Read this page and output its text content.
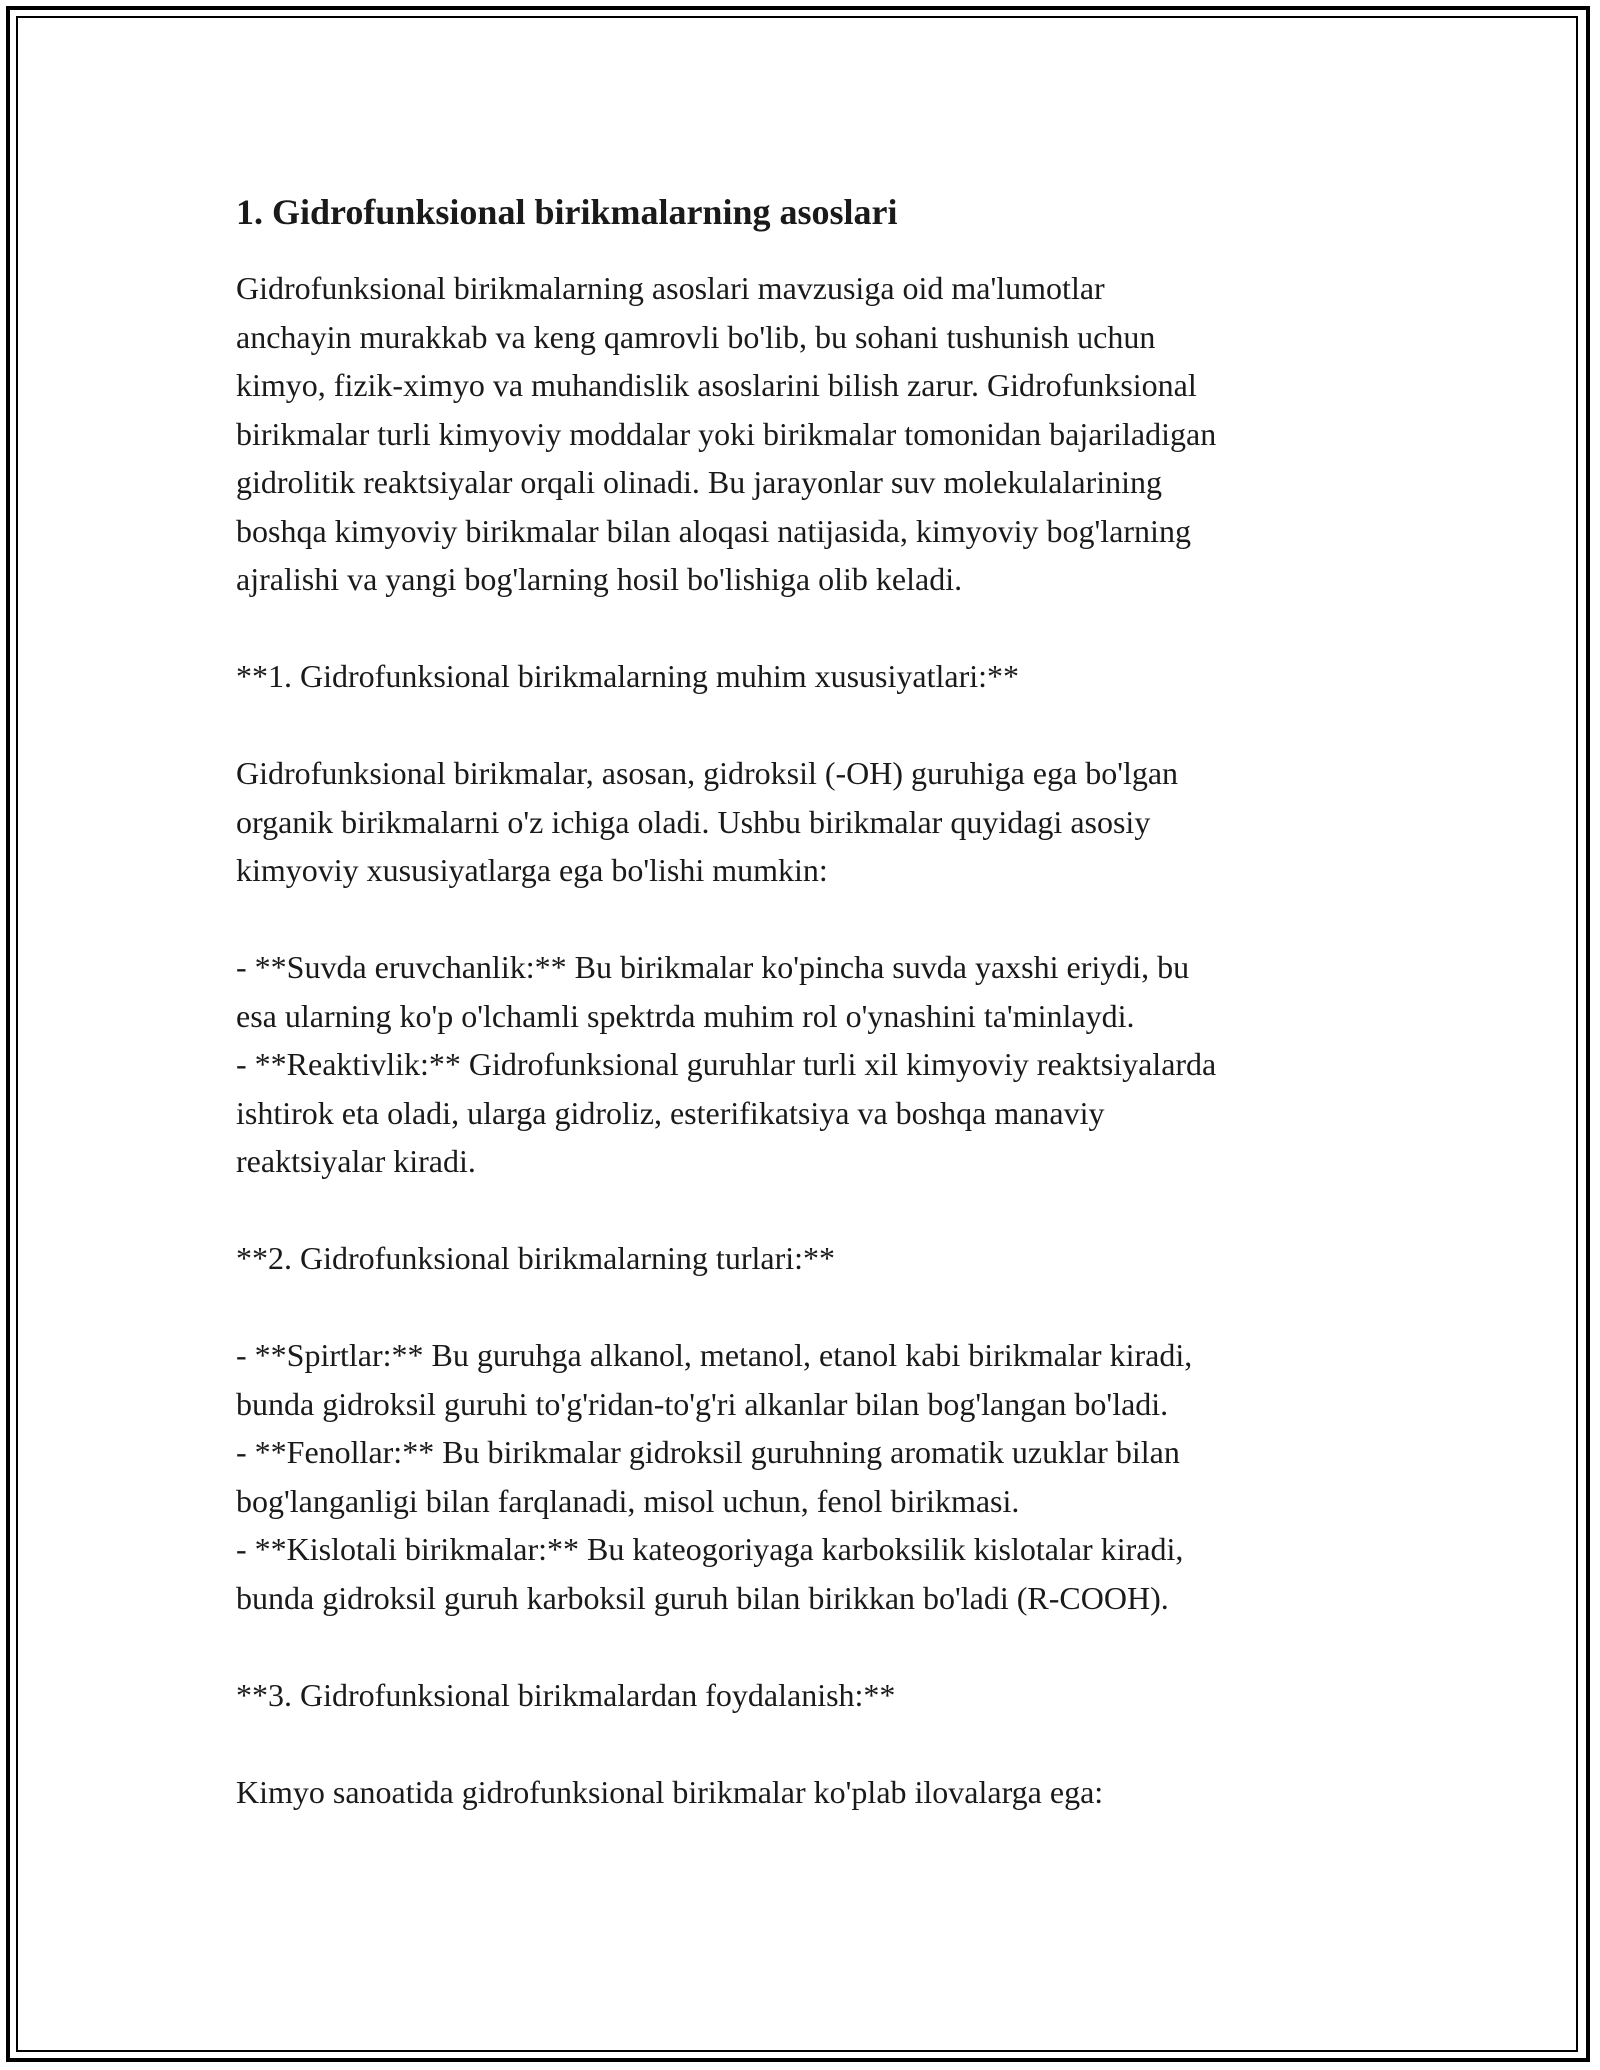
1. Gidrofunksional birikmalarning asoslari

Gidrofunksional birikmalarning asoslari mavzusiga oid ma'lumotlar

anchayin murakkab va keng qamrovli bo'lib, bu sohani tushunish uchun

kimyo, fizik-ximyo va muhandislik asoslarini bilish zarur. Gidrofunksional

birikmalar turli kimyoviy moddalar yoki birikmalar tomonidan bajariladigan

gidrolitik reaktsiyalar orqali olinadi. Bu jarayonlar suv molekulalarining

boshqa kimyoviy birikmalar bilan aloqasi natijasida, kimyoviy bog'larning

ajralishi va yangi bog'larning hosil bo'lishiga olib keladi.

**1. Gidrofunksional birikmalarning muhim xususiyatlari:**

Gidrofunksional birikmalar, asosan, gidroksil (-OH) guruhiga ega bo'lgan

organik birikmalarni o'z ichiga oladi. Ushbu birikmalar quyidagi asosiy

kimyoviy xususiyatlarga ega bo'lishi mumkin:

- **Suvda eruvchanlik:** Bu birikmalar ko'pincha suvda yaxshi eriydi, bu

esa ularning ko'p o'lchamli spektrda muhim rol o'ynashini ta'minlaydi.

- **Reaktivlik:** Gidrofunksional guruhlar turli xil kimyoviy reaktsiyalarda

ishtirok eta oladi, ularga gidroliz, esterifikatsiya va boshqa manaviy

reaktsiyalar kiradi.

**2. Gidrofunksional birikmalarning turlari:**

- **Spirtlar:** Bu guruhga alkanol, metanol, etanol kabi birikmalar kiradi,

bunda gidroksil guruhi to'g'ridan-to'g'ri alkanlar bilan bog'langan bo'ladi.

- **Fenollar:** Bu birikmalar gidroksil guruhning aromatik uzuklar bilan

bog'langanligi bilan farqlanadi, misol uchun, fenol birikmasi.

- **Kislotali birikmalar:** Bu kateogoriyaga karboksilik kislotalar kiradi,

bunda gidroksil guruh karboksil guruh bilan birikkan bo'ladi (R-COOH).

**3. Gidrofunksional birikmalardan foydalanish:**

Kimyo sanoatida gidrofunksional birikmalar ko'plab ilovalarga ega:
